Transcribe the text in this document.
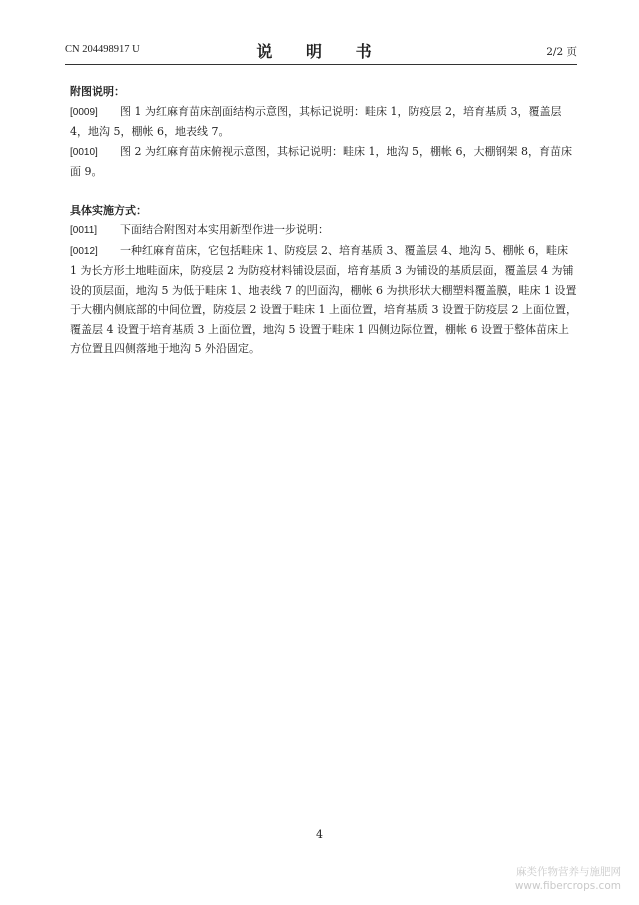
CN 204498917 U	说 明 书	2/2 页
附图说明：
[0009] 图 1 为红麻育苗床剖面结构示意图，其标记说明：畦床 1，防疫层 2，培育基质 3，覆盖层 4，地沟 5，棚帐 6，地表线 7。
[0010] 图 2 为红麻育苗床俯视示意图，其标记说明：畦床 1，地沟 5，棚帐 6，大棚钢架 8，育苗床面 9。
具体实施方式：
[0011] 下面结合附图对本实用新型作进一步说明：
[0012] 一种红麻育苗床，它包括畦床 1、防疫层 2、培育基质 3、覆盖层 4、地沟 5、棚帐 6，畦床 1 为长方形土地畦面床，防疫层 2 为防疫材料铺设层面，培育基质 3 为铺设的基质层面，覆盖层 4 为铺设的顶层面，地沟 5 为低于畦床 1、地表线 7 的凹面沟，棚帐 6 为拱形状大棚塑料覆盖膜，畦床 1 设置于大棚内侧底部的中间位置，防疫层 2 设置于畦床 1 上面位置，培育基质 3 设置于防疫层 2 上面位置，覆盖层 4 设置于培育基质 3 上面位置，地沟 5 设置于畦床 1 四侧边际位置，棚帐 6 设置于整体苗床上方位置且四侧落地于地沟 5 外沿固定。
4
麻类作物营养与施肥网
www.fibercrops.com
